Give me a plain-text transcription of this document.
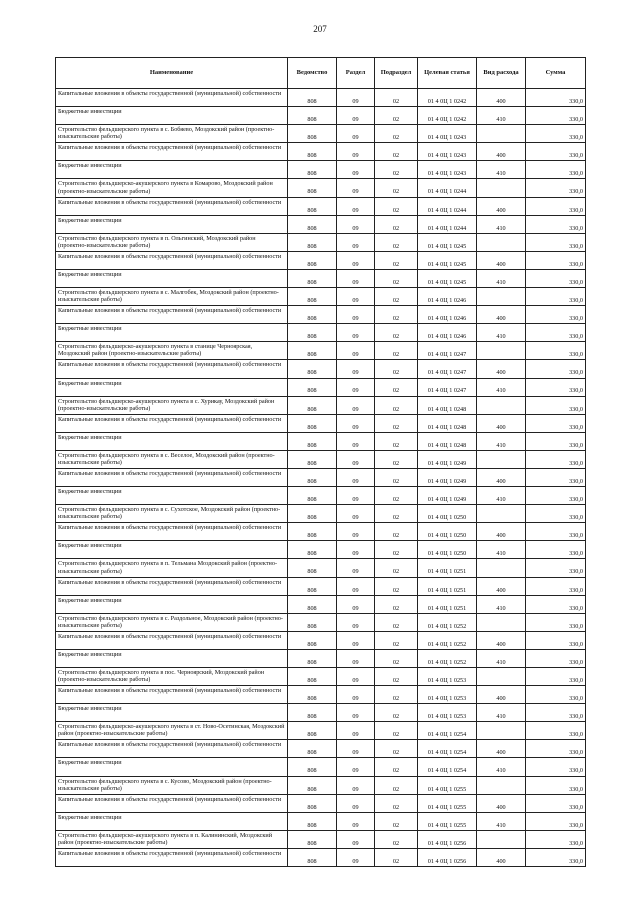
207
Наименование	Ведомство	Раздел	Подраздел	Целевая статья	Вид расхода	Сумма
Капитальные вложения в объекты государственной (муниципальной) собственности	808	09	02	01 4 0Ц 1 0242	400	330,0
Бюджетные инвестиции	808	09	02	01 4 0Ц 1 0242	410	330,0
Строительство фельдшерского пункта в с. Бобяево, Моздокский район (проектно-изыскательские работы)	808	09	02	01 4 0Ц 1 0243		330,0
Капитальные вложения в объекты государственной (муниципальной) собственности	808	09	02	01 4 0Ц 1 0243	400	330,0
Бюджетные инвестиции	808	09	02	01 4 0Ц 1 0243	410	330,0
Строительство фельдшерско-акушерского пункта в Комарово, Моздокский район (проектно-изыскательские работы)	808	09	02	01 4 0Ц 1 0244		330,0
Капитальные вложения в объекты государственной (муниципальной) собственности	808	09	02	01 4 0Ц 1 0244	400	330,0
Бюджетные инвестиции	808	09	02	01 4 0Ц 1 0244	410	330,0
Строительство фельдшерского пункта в п. Ольгинский, Моздокский район (проектно-изыскательские работы)	808	09	02	01 4 0Ц 1 0245		330,0
Капитальные вложения в объекты государственной (муниципальной) собственности	808	09	02	01 4 0Ц 1 0245	400	330,0
Бюджетные инвестиции	808	09	02	01 4 0Ц 1 0245	410	330,0
Строительство фельдшерского пункта в с. Малгобек, Моздокский район (проектно-изыскательские работы)	808	09	02	01 4 0Ц 1 0246		330,0
Капитальные вложения в объекты государственной (муниципальной) собственности	808	09	02	01 4 0Ц 1 0246	400	330,0
Бюджетные инвестиции	808	09	02	01 4 0Ц 1 0246	410	330,0
Строительство фельдшерско-акушерского пункта в станице Черноярская, Моздокский район (проектно-изыскательские работы)	808	09	02	01 4 0Ц 1 0247		330,0
Капитальные вложения в объекты государственной (муниципальной) собственности	808	09	02	01 4 0Ц 1 0247	400	330,0
Бюджетные инвестиции	808	09	02	01 4 0Ц 1 0247	410	330,0
Строительство фельдшерско-акушерского пункта в с. Хурикау, Моздокский район (проектно-изыскательские работы)	808	09	02	01 4 0Ц 1 0248		330,0
Капитальные вложения в объекты государственной (муниципальной) собственности	808	09	02	01 4 0Ц 1 0248	400	330,0
Бюджетные инвестиции	808	09	02	01 4 0Ц 1 0248	410	330,0
Строительство фельдшерского пункта в с. Веселое, Моздокский район (проектно-изыскательские работы)	808	09	02	01 4 0Ц 1 0249		330,0
Капитальные вложения в объекты государственной (муниципальной) собственности	808	09	02	01 4 0Ц 1 0249	400	330,0
Бюджетные инвестиции	808	09	02	01 4 0Ц 1 0249	410	330,0
Строительство фельдшерского пункта в с. Сухотское, Моздокский район (проектно-изыскательские работы)	808	09	02	01 4 0Ц 1 0250		330,0
Капитальные вложения в объекты государственной (муниципальной) собственности	808	09	02	01 4 0Ц 1 0250	400	330,0
Бюджетные инвестиции	808	09	02	01 4 0Ц 1 0250	410	330,0
Строительство фельдшерского пункта в п. Тельмана Моздокский район (проектно-изыскательские работы)	808	09	02	01 4 0Ц 1 0251		330,0
Капитальные вложения в объекты государственной (муниципальной) собственности	808	09	02	01 4 0Ц 1 0251	400	330,0
Бюджетные инвестиции	808	09	02	01 4 0Ц 1 0251	410	330,0
Строительство фельдшерского пункта в с. Раздольное, Моздокский район (проектно-изыскательские работы)	808	09	02	01 4 0Ц 1 0252		330,0
Капитальные вложения в объекты государственной (муниципальной) собственности	808	09	02	01 4 0Ц 1 0252	400	330,0
Бюджетные инвестиции	808	09	02	01 4 0Ц 1 0252	410	330,0
Строительство фельдшерского пункта в пос. Черноярский, Моздокский район (проектно-изыскательские работы)	808	09	02	01 4 0Ц 1 0253		330,0
Капитальные вложения в объекты государственной (муниципальной) собственности	808	09	02	01 4 0Ц 1 0253	400	330,0
Бюджетные инвестиции	808	09	02	01 4 0Ц 1 0253	410	330,0
Строительство фельдшерско-акушерского пункта в ст. Ново-Осетинская, Моздокский район (проектно-изыскательские работы)	808	09	02	01 4 0Ц 1 0254		330,0
Капитальные вложения в объекты государственной (муниципальной) собственности	808	09	02	01 4 0Ц 1 0254	400	330,0
Бюджетные инвестиции	808	09	02	01 4 0Ц 1 0254	410	330,0
Строительство фельдшерского пункта в с. Кусово, Моздокский район (проектно-изыскательские работы)	808	09	02	01 4 0Ц 1 0255		330,0
Капитальные вложения в объекты государственной (муниципальной) собственности	808	09	02	01 4 0Ц 1 0255	400	330,0
Бюджетные инвестиции	808	09	02	01 4 0Ц 1 0255	410	330,0
Строительство фельдшерско-акушерского пункта в п. Калининский, Моздокский район (проектно-изыскательские работы)	808	09	02	01 4 0Ц 1 0256		330,0
Капитальные вложения в объекты государственной (муниципальной) собственности	808	09	02	01 4 0Ц 1 0256	400	330,0
